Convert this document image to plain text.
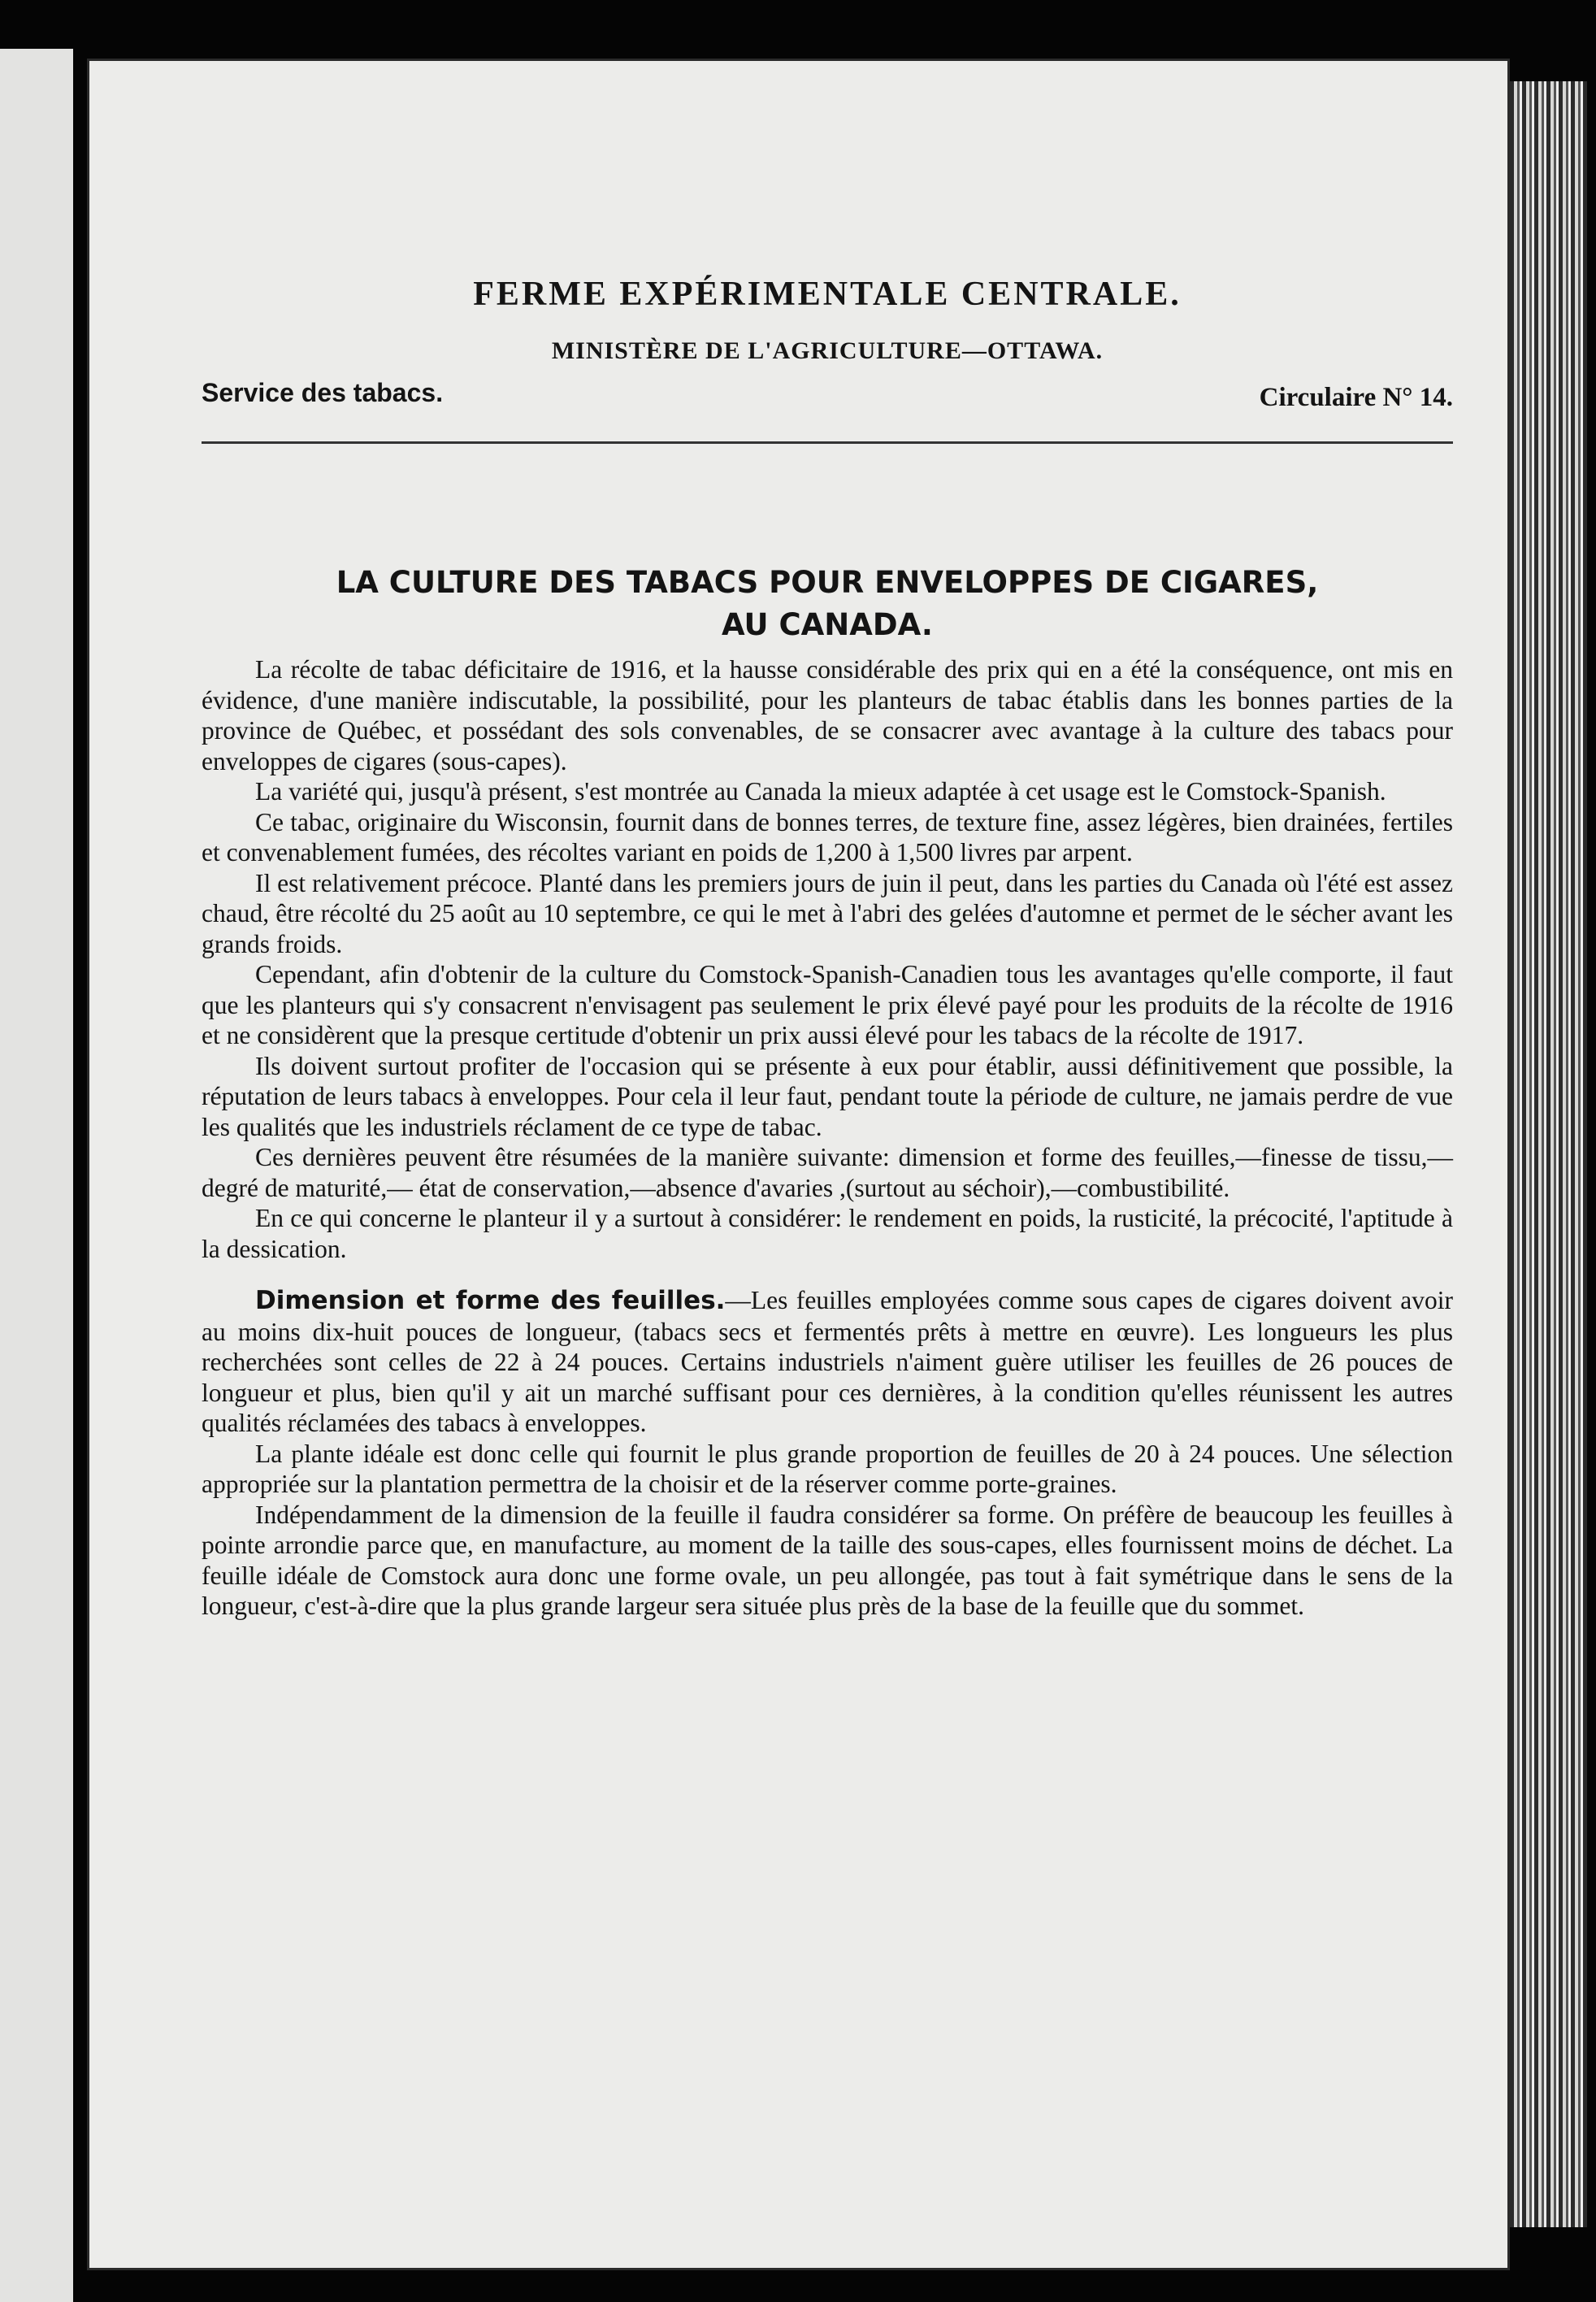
FERME EXPÉRIMENTALE CENTRALE.
MINISTÈRE DE L'AGRICULTURE—OTTAWA.
Service des tabacs.	Circulaire N° 14.
LA CULTURE DES TABACS POUR ENVELOPPES DE CIGARES,
AU CANADA.

La récolte de tabac déficitaire de 1916, et la hausse considérable des prix qui en a été la conséquence, ont mis en évidence, d'une manière indiscutable, la possibilité, pour les planteurs de tabac établis dans les bonnes parties de la province de Québec, et possédant des sols convenables, de se consacrer avec avantage à la culture des tabacs pour enveloppes de cigares (sous-capes).

La variété qui, jusqu'à présent, s'est montrée au Canada la mieux adaptée à cet usage est le Comstock-Spanish.

Ce tabac, originaire du Wisconsin, fournit dans de bonnes terres, de texture fine, assez légères, bien drainées, fertiles et convenablement fumées, des récoltes variant en poids de 1,200 à 1,500 livres par arpent.

Il est relativement précoce. Planté dans les premiers jours de juin il peut, dans les parties du Canada où l'été est assez chaud, être récolté du 25 août au 10 septembre, ce qui le met à l'abri des gelées d'automne et permet de le sécher avant les grands froids.

Cependant, afin d'obtenir de la culture du Comstock-Spanish-Canadien tous les avantages qu'elle comporte, il faut que les planteurs qui s'y consacrent n'envisagent pas seulement le prix élevé payé pour les produits de la récolte de 1916 et ne considèrent que la presque certitude d'obtenir un prix aussi élevé pour les tabacs de la récolte de 1917.

Ils doivent surtout profiter de l'occasion qui se présente à eux pour établir, aussi définitivement que possible, la réputation de leurs tabacs à enveloppes. Pour cela il leur faut, pendant toute la période de culture, ne jamais perdre de vue les qualités que les industriels réclament de ce type de tabac.

Ces dernières peuvent être résumées de la manière suivante: dimension et forme des feuilles,—finesse de tissu,—degré de maturité,— état de conservation,—absence d'avaries ,(surtout au séchoir),—combustibilité.

En ce qui concerne le planteur il y a surtout à considérer: le rendement en poids, la rusticité, la précocité, l'aptitude à la dessication.

Dimension et forme des feuilles.—Les feuilles employées comme sous capes de cigares doivent avoir au moins dix-huit pouces de longueur, (tabacs secs et fermentés prêts à mettre en œuvre). Les longueurs les plus recherchées sont celles de 22 à 24 pouces. Certains industriels n'aiment guère utiliser les feuilles de 26 pouces de longueur et plus, bien qu'il y ait un marché suffisant pour ces dernières, à la condition qu'elles réunissent les autres qualités réclamées des tabacs à enveloppes.

La plante idéale est donc celle qui fournit le plus grande proportion de feuilles de 20 à 24 pouces. Une sélection appropriée sur la plantation permettra de la choisir et de la réserver comme porte-graines.

Indépendamment de la dimension de la feuille il faudra considérer sa forme. On préfère de beaucoup les feuilles à pointe arrondie parce que, en manufacture, au moment de la taille des sous-capes, elles fournissent moins de déchet. La feuille idéale de Comstock aura donc une forme ovale, un peu allongée, pas tout à fait symétrique dans le sens de la longueur, c'est-à-dire que la plus grande largeur sera située plus près de la base de la feuille que du sommet.
